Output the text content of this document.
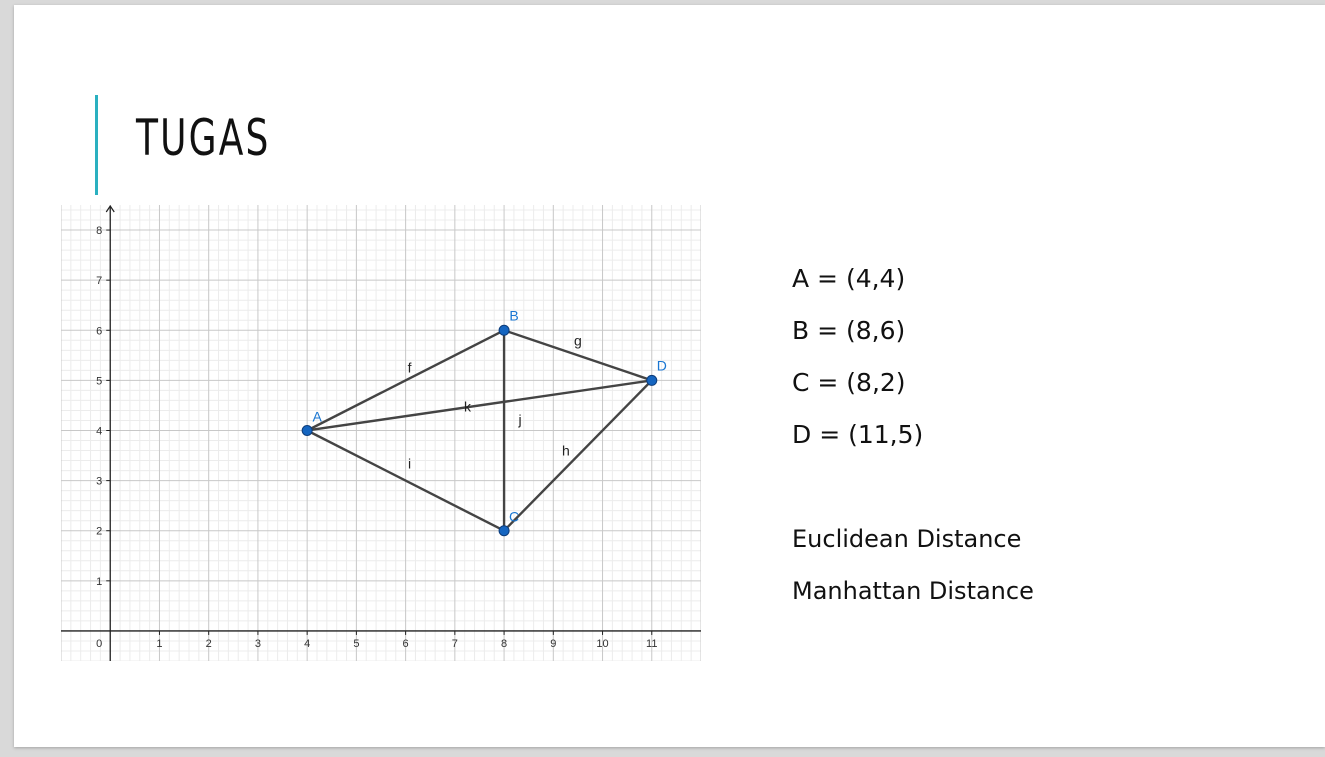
TUGAS
0	1	2	3	4	5	6	7	8	9	10	11
1
2
3
4
5
6
7
8
f
g
h
i
j
k
A
B
C
D
A = (4,4)
B = (8,6)
C = (8,2)
D = (11,5)
Euclidean Distance
Manhattan Distance
